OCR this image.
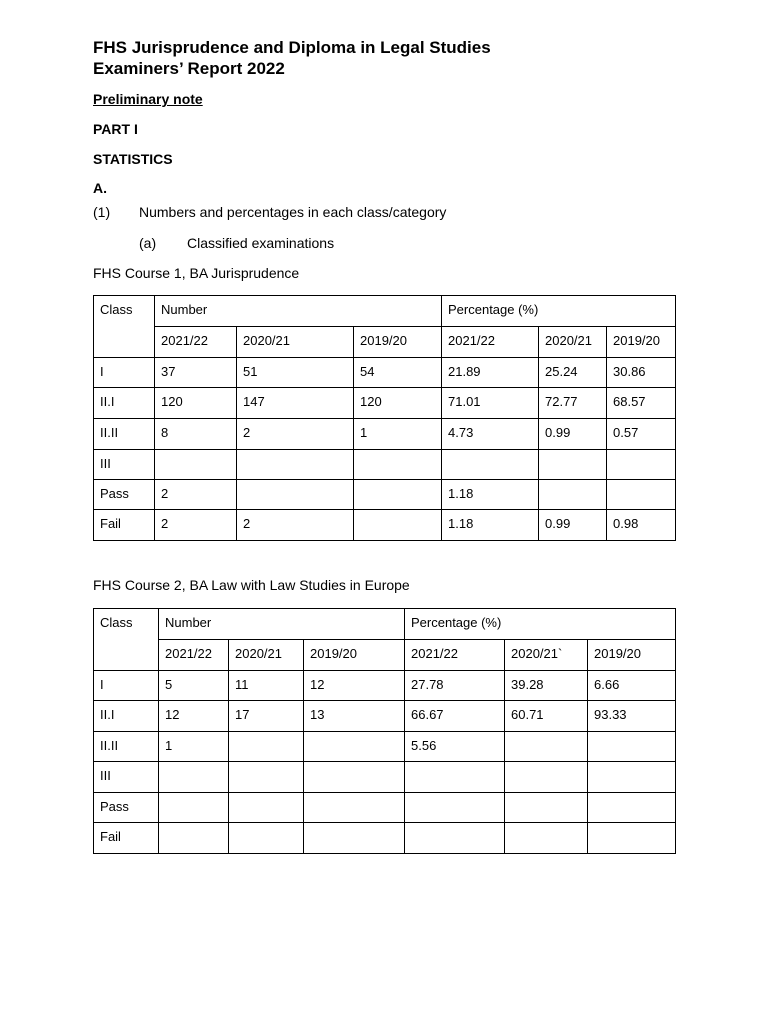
FHS Jurisprudence and Diploma in Legal Studies
Examiners’ Report 2022
Preliminary note
PART I
STATISTICS
A.
(1) Numbers and percentages in each class/category
(a) Classified examinations
FHS Course 1, BA Jurisprudence
Class	Number			Percentage (%)		
	2021/22	2020/21	2019/20	2021/22	2020/21	2019/20
I	37	51	54	21.89	25.24	30.86
II.I	120	147	120	71.01	72.77	68.57
II.II	8	2	1	4.73	0.99	0.57
III						
Pass	2			1.18		
Fail	2	2		1.18	0.99	0.98
FHS Course 2, BA Law with Law Studies in Europe
Class	Number			Percentage (%)		
	2021/22	2020/21	2019/20	2021/22	2020/21`	2019/20
I	5	11	12	27.78	39.28	6.66
II.I	12	17	13	66.67	60.71	93.33
II.II	1			5.56		
III						
Pass						
Fail						
